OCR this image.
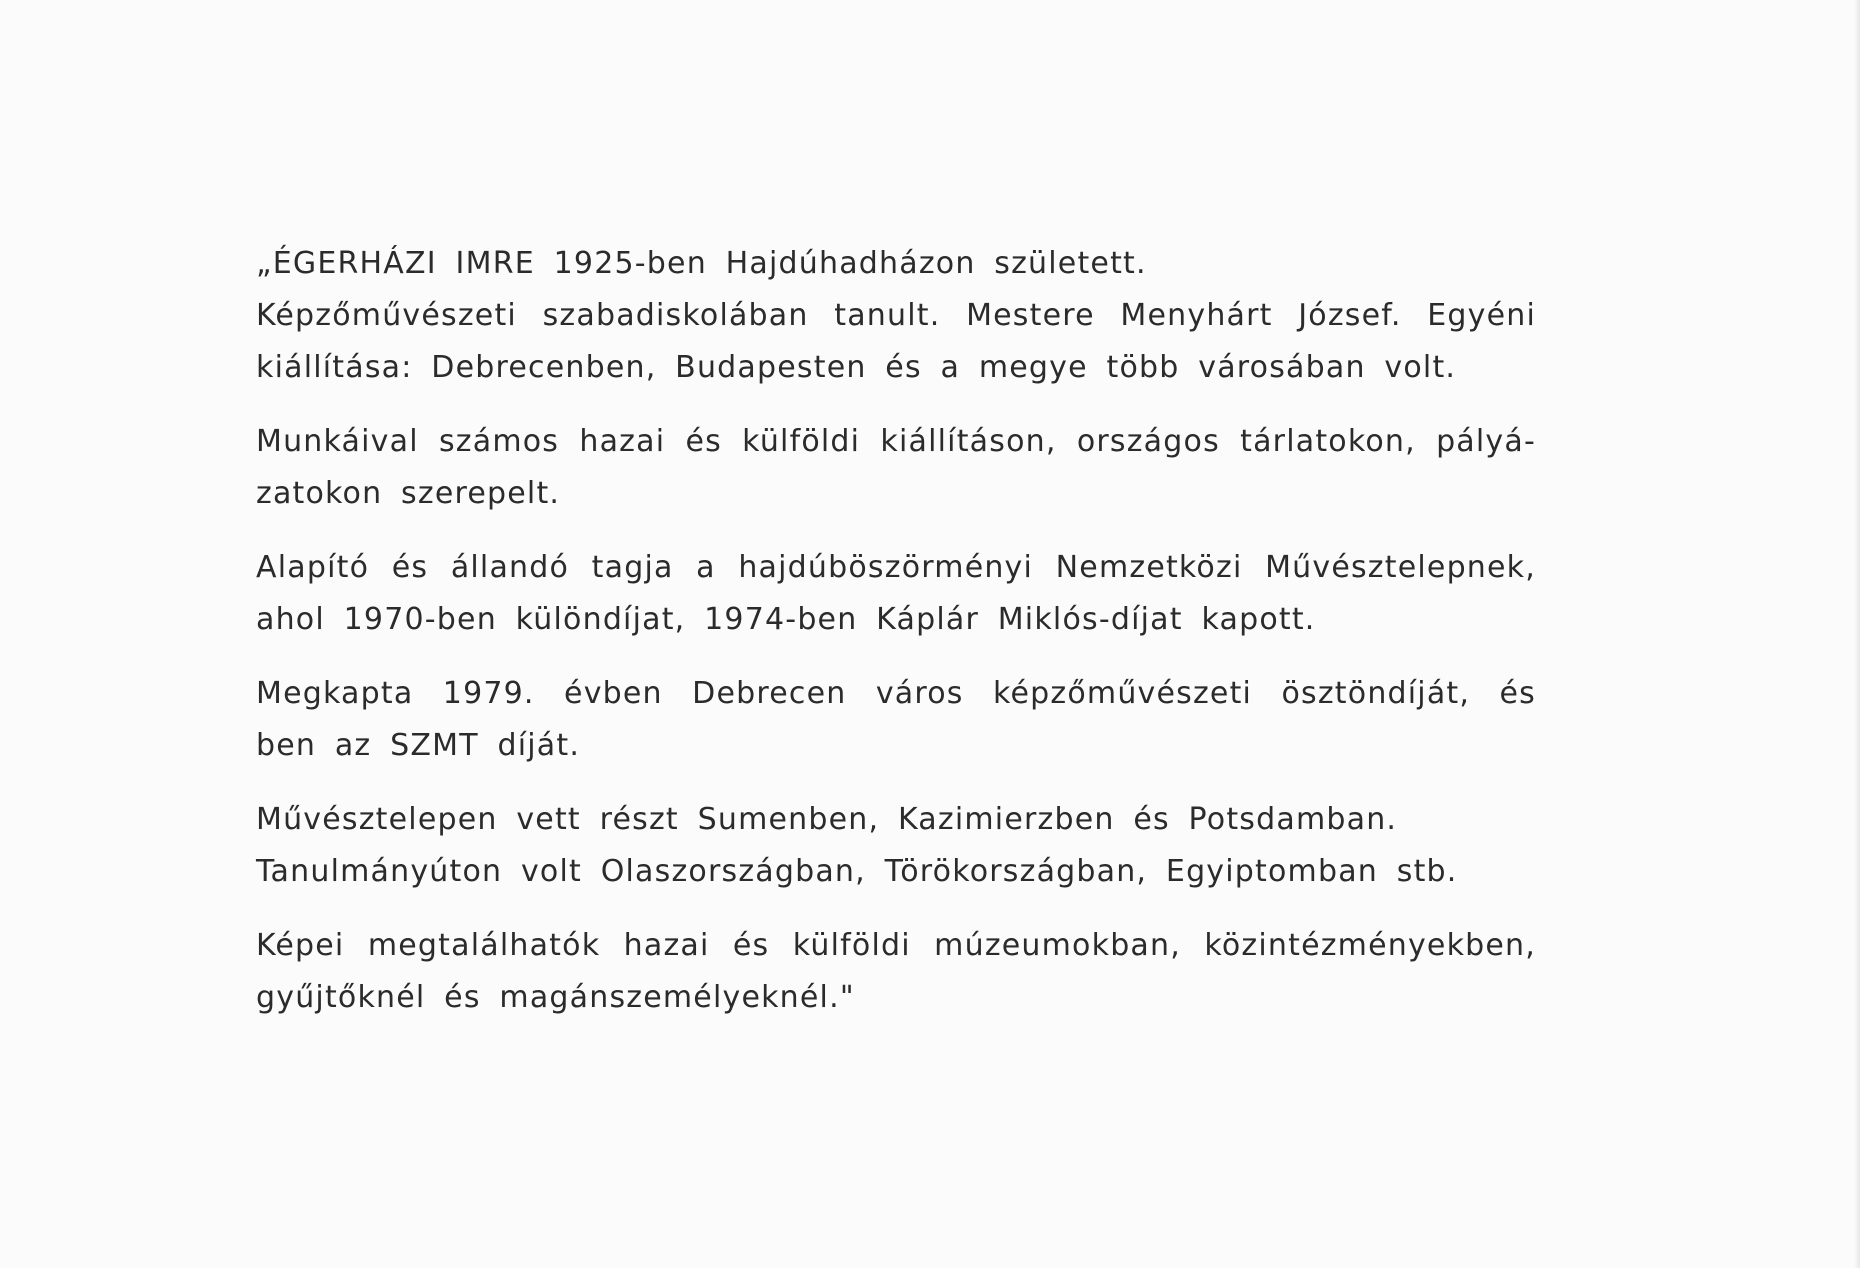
„ÉGERHÁZI IMRE 1925-ben Hajdúhadházon született.
Képzőművészeti szabadiskolában tanult. Mestere Menyhárt József. Egyéni
kiállítása: Debrecenben, Budapesten és a megye több városában volt.
Munkáival számos hazai és külföldi kiállításon, országos tárlatokon, pályá-
zatokon szerepelt.
Alapító és állandó tagja a hajdúböszörményi Nemzetközi Művésztelepnek,
ahol 1970-ben különdíjat, 1974-ben Káplár Miklós-díjat kapott.
Megkapta 1979. évben Debrecen város képzőművészeti ösztöndíját, és
ben az SZMT díját.
Művésztelepen vett részt Sumenben, Kazimierzben és Potsdamban.
Tanulmányúton volt Olaszországban, Törökországban, Egyiptomban stb.
Képei megtalálhatók hazai és külföldi múzeumokban, közintézményekben,
gyűjtőknél és magánszemélyeknél."
